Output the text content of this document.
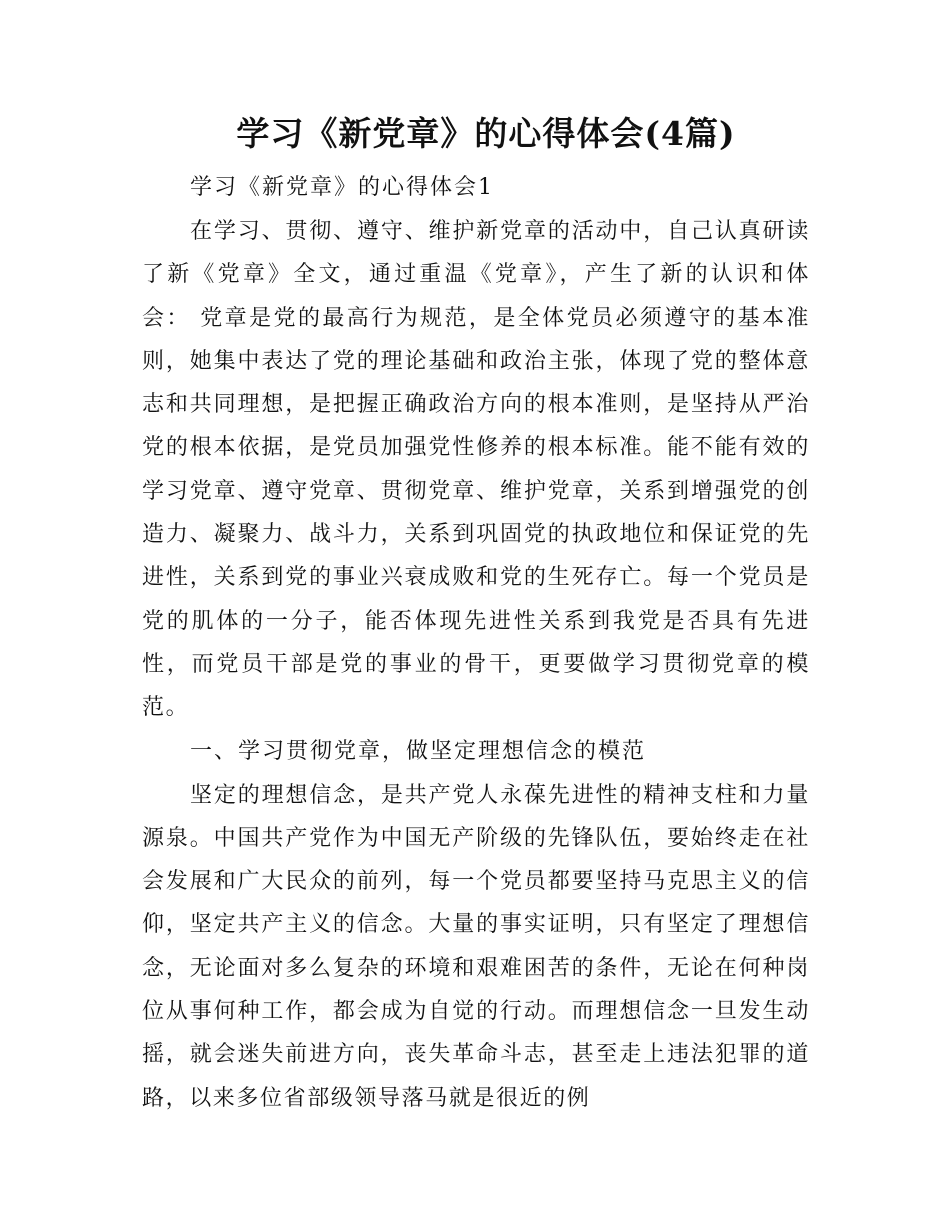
学习《新党章》的心得体会(4篇)

学习《新党章》的心得体会1

在学习、贯彻、遵守、维护新党章的活动中，自己认真研读了新《党章》全文，通过重温《党章》，产生了新的认识和体会： 党章是党的最高行为规范，是全体党员必须遵守的基本准则，她集中表达了党的理论基础和政治主张，体现了党的整体意志和共同理想，是把握正确政治方向的根本准则，是坚持从严治党的根本依据，是党员加强党性修养的根本标准。能不能有效的学习党章、遵守党章、贯彻党章、维护党章，关系到增强党的创造力、凝聚力、战斗力，关系到巩固党的执政地位和保证党的先进性，关系到党的事业兴衰成败和党的生死存亡。每一个党员是党的肌体的一分子，能否体现先进性关系到我党是否具有先进性，而党员干部是党的事业的骨干，更要做学习贯彻党章的模范。

一、学习贯彻党章，做坚定理想信念的模范

坚定的理想信念，是共产党人永葆先进性的精神支柱和力量源泉。中国共产党作为中国无产阶级的先锋队伍，要始终走在社会发展和广大民众的前列，每一个党员都要坚持马克思主义的信仰，坚定共产主义的信念。大量的事实证明，只有坚定了理想信念，无论面对多么复杂的环境和艰难困苦的条件，无论在何种岗位从事何种工作，都会成为自觉的行动。而理想信念一旦发生动摇，就会迷失前进方向，丧失革命斗志，甚至走上违法犯罪的道路，以来多位省部级领导落马就是很近的例
